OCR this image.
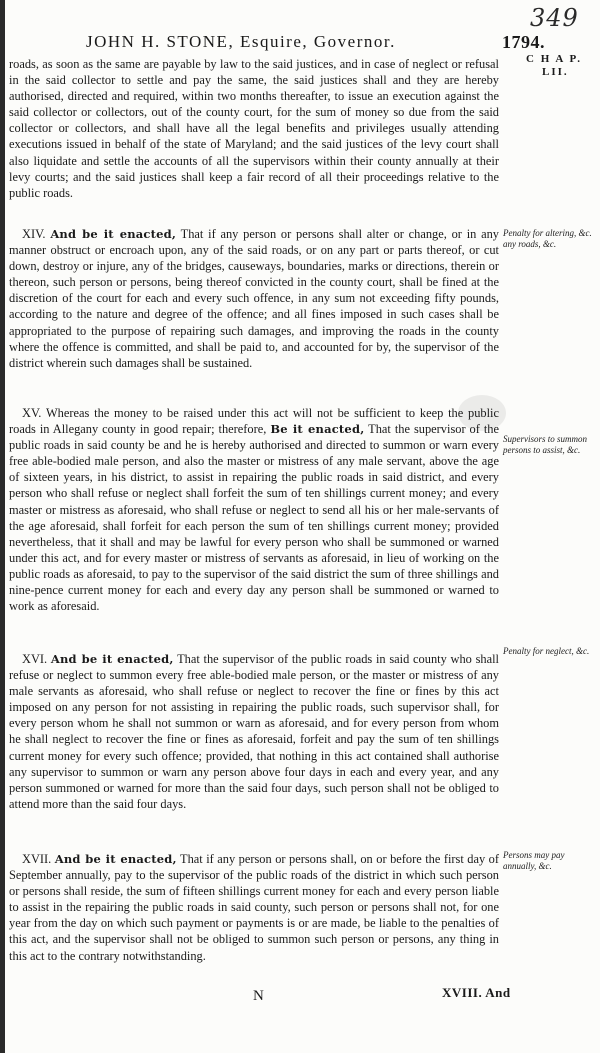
349
JOHN H. STONE, Esquire, Governor.	1794.
C H A P.
LII.

roads, as soon as the same are payable by law to the said justices, and in case of neglect or refusal in the said collector to settle and pay the same, the said justices shall and they are hereby authorised, directed and required, within two months thereafter, to issue an execution against the said collector or collectors, out of the county court, for the sum of money so due from the said collector or collectors, and shall have all the legal benefits and privileges usually attending executions issued in behalf of the state of Maryland; and the said justices of the levy court shall also liquidate and settle the accounts of all the supervisors within their county annually at their levy courts; and the said justices shall keep a fair record of all their proceedings relative to the public roads.

XIV. And be it enacted, That if any person or persons shall alter or change, or in any manner obstruct or encroach upon, any of the said roads, or on any part or parts thereof, or cut down, destroy or injure, any of the bridges, causeways, boundaries, marks or directions, therein or thereon, such person or persons, being thereof convicted in the county court, shall be fined at the discretion of the court for each and every such offence, in any sum not exceeding fifty pounds, according to the nature and degree of the offence; and all fines imposed in such cases shall be appropriated to the purpose of repairing such damages, and improving the roads in the county where the offence is committed, and shall be paid to, and accounted for by, the supervisor of the district wherein such damages shall be sustained.

Penalty for altering, &c. any roads, &c.

XV. Whereas the money to be raised under this act will not be sufficient to keep the public roads in Allegany county in good repair; therefore, Be it enacted, That the supervisor of the public roads in said county be and he is hereby authorised and directed to summon or warn every free able-bodied male person, and also the master or mistress of any male servant, above the age of sixteen years, in his district, to assist in repairing the public roads in said district, and every person who shall refuse or neglect shall forfeit the sum of ten shillings current money; and every master or mistress as aforesaid, who shall refuse or neglect to send all his or her male-servants of the age aforesaid, shall forfeit for each person the sum of ten shillings current money; provided nevertheless, that it shall and may be lawful for every person who shall be summoned or warned under this act, and for every master or mistress of servants as aforesaid, in lieu of working on the public roads as aforesaid, to pay to the supervisor of the said district the sum of three shillings and nine-pence current money for each and every day any person shall be summoned or warned to work as aforesaid.

Supervisors to summon persons to assist, &c.

XVI. And be it enacted, That the supervisor of the public roads in said county who shall refuse or neglect to summon every free able-bodied male person, or the master or mistress of any male servants as aforesaid, who shall refuse or neglect to recover the fine or fines by this act imposed on any person for not assisting in repairing the public roads, such supervisor shall, for every person whom he shall not summon or warn as aforesaid, and for every person from whom he shall neglect to recover the fine or fines as aforesaid, forfeit and pay the sum of ten shillings current money for every such offence; provided, that nothing in this act contained shall authorise any supervisor to summon or warn any person above four days in each and every year, and any person summoned or warned for more than the said four days, such person shall not be obliged to attend more than the said four days.

Penalty for neglect, &c.

XVII. And be it enacted, That if any person or persons shall, on or before the first day of September annually, pay to the supervisor of the public roads of the district in which such person or persons shall reside, the sum of fifteen shillings current money for each and every person liable to assist in the repairing the public roads in said county, such person or persons shall not, for one year from the day on which such payment or payments is or are made, be liable to the penalties of this act, and the supervisor shall not be obliged to summon such person or persons, any thing in this act to the contrary notwithstanding.

Persons may pay annually, &c.
N	XVIII. And
